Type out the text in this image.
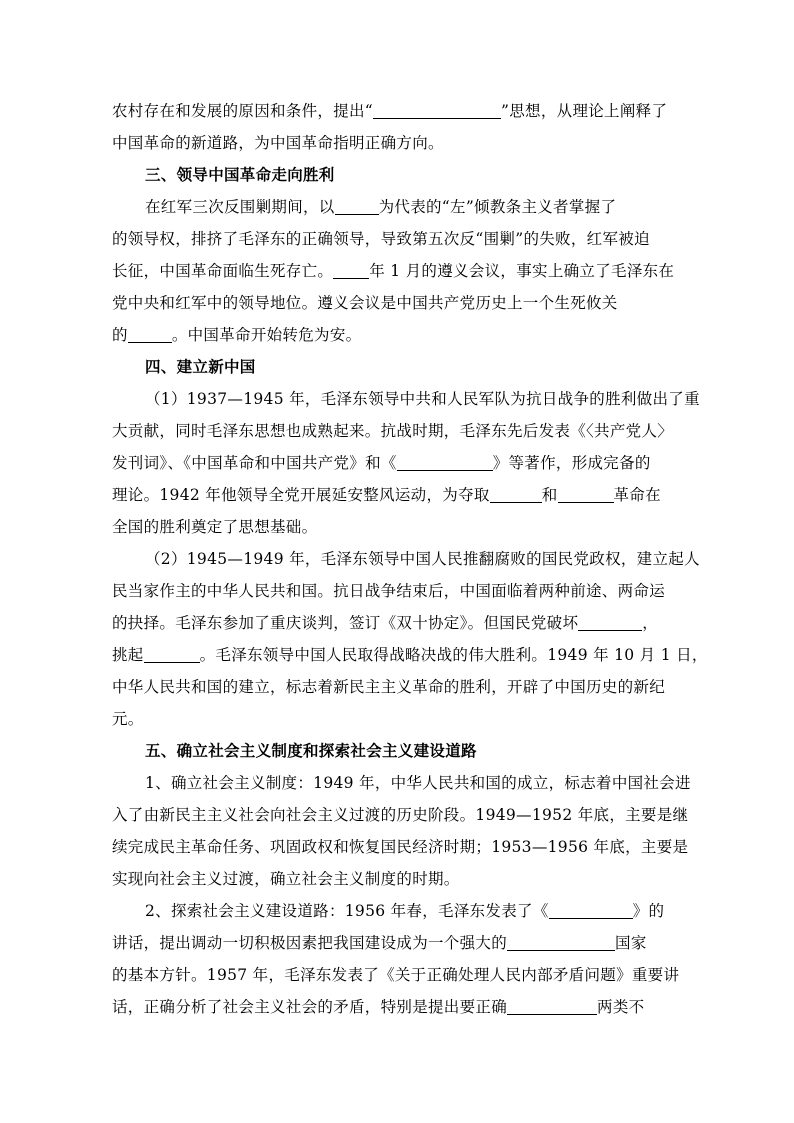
农村存在和发展的原因和条件，提出“	”思想，从理论上阐释了
中国革命的新道路，为中国革命指明正确方向。
三、领导中国革命走向胜利
在红军三次反围剿期间，以	为代表的“左”倾教条主义者掌握了
的领导权，排挤了毛泽东的正确领导，导致第五次反“围剿”的失败，红军被迫
长征，中国革命面临生死存亡。 年 1 月的遵义会议，事实上确立了毛泽东在
党中央和红军中的领导地位。遵义会议是中国共产党历史上一个生死攸关
的	。中国革命开始转危为安。
四、建立新中国
（1）1937—1945 年，毛泽东领导中共和人民军队为抗日战争的胜利做出了重
大贡献，同时毛泽东思想也成熟起来。抗战时期，毛泽东先后发表《〈共产党人〉
发刊词》、《中国革命和中国共产党》和《	》等著作，形成完备的
理论。1942 年他领导全党开展延安整风运动，为夺取	和	革命在
全国的胜利奠定了思想基础。
（2）1945—1949 年，毛泽东领导中国人民推翻腐败的国民党政权，建立起人
民当家作主的中华人民共和国。抗日战争结束后，中国面临着两种前途、两命运
的抉择。毛泽东参加了重庆谈判，签订《双十协定》。但国民党破坏	，
挑起	。毛泽东领导中国人民取得战略决战的伟大胜利。1949 年 10 月 1 日，
中华人民共和国的建立，标志着新民主主义革命的胜利，开辟了中国历史的新纪
元。
五、确立社会主义制度和探索社会主义建设道路
1、确立社会主义制度：1949 年，中华人民共和国的成立，标志着中国社会进
入了由新民主主义社会向社会主义过渡的历史阶段。1949—1952 年底，主要是继
续完成民主革命任务、巩固政权和恢复国民经济时期；1953—1956 年底，主要是
实现向社会主义过渡，确立社会主义制度的时期。
2、探索社会主义建设道路：1956 年春，毛泽东发表了《	》的
讲话，提出调动一切积极因素把我国建设成为一个强大的	国家
的基本方针。1957 年，毛泽东发表了《关于正确处理人民内部矛盾问题》重要讲
话，正确分析了社会主义社会的矛盾，特别是提出要正确	两类不
